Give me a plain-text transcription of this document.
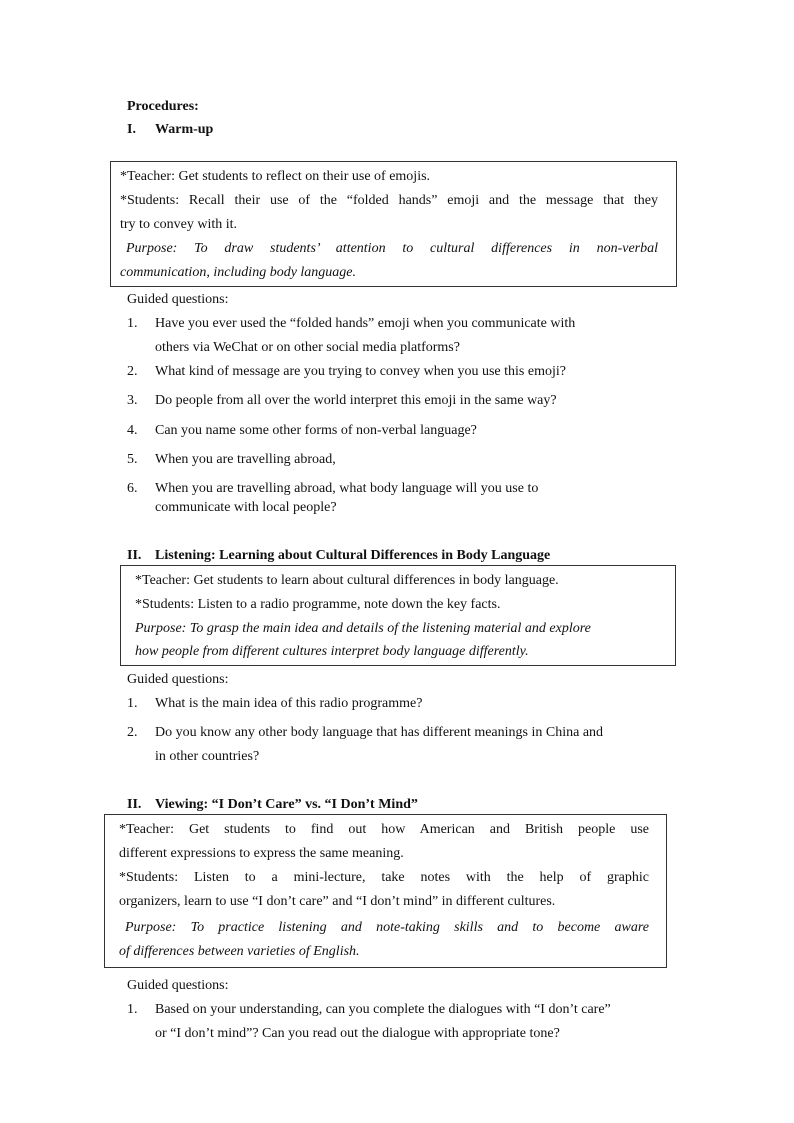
Procedures:
I. Warm-up
*Teacher: Get students to reflect on their use of emojis.
*Students: Recall their use of the “folded hands” emoji and the message that they
try to convey with it.
Purpose: To draw students’ attention to cultural differences in non-verbal
communication, including body language.
Guided questions:
1.	Have you ever used the “folded hands” emoji when you communicate with
others via WeChat or on other social media platforms?
2.	What kind of message are you trying to convey when you use this emoji?
3.	Do people from all over the world interpret this emoji in the same way?
4.	Can you name some other forms of non-verbal language?
5.	When you are travelling abroad,
6.	When you are travelling abroad, what body language will you use to
communicate with local people?
II. Listening: Learning about Cultural Differences in Body Language
*Teacher: Get students to learn about cultural differences in body language.
*Students: Listen to a radio programme, note down the key facts.
Purpose: To grasp the main idea and details of the listening material and explore
how people from different cultures interpret body language differently.
Guided questions:
1.	What is the main idea of this radio programme?
2.	Do you know any other body language that has different meanings in China and
in other countries?
II. Viewing: “I Don’t Care” vs. “I Don’t Mind”
*Teacher: Get students to find out how American and British people use
different expressions to express the same meaning.
*Students: Listen to a mini-lecture, take notes with the help of graphic
organizers, learn to use “I don’t care” and “I don’t mind” in different cultures.
Purpose: To practice listening and note-taking skills and to become aware
of differences between varieties of English.
Guided questions:
1.	Based on your understanding, can you complete the dialogues with “I don’t care”
or “I don’t mind”? Can you read out the dialogue with appropriate tone?
